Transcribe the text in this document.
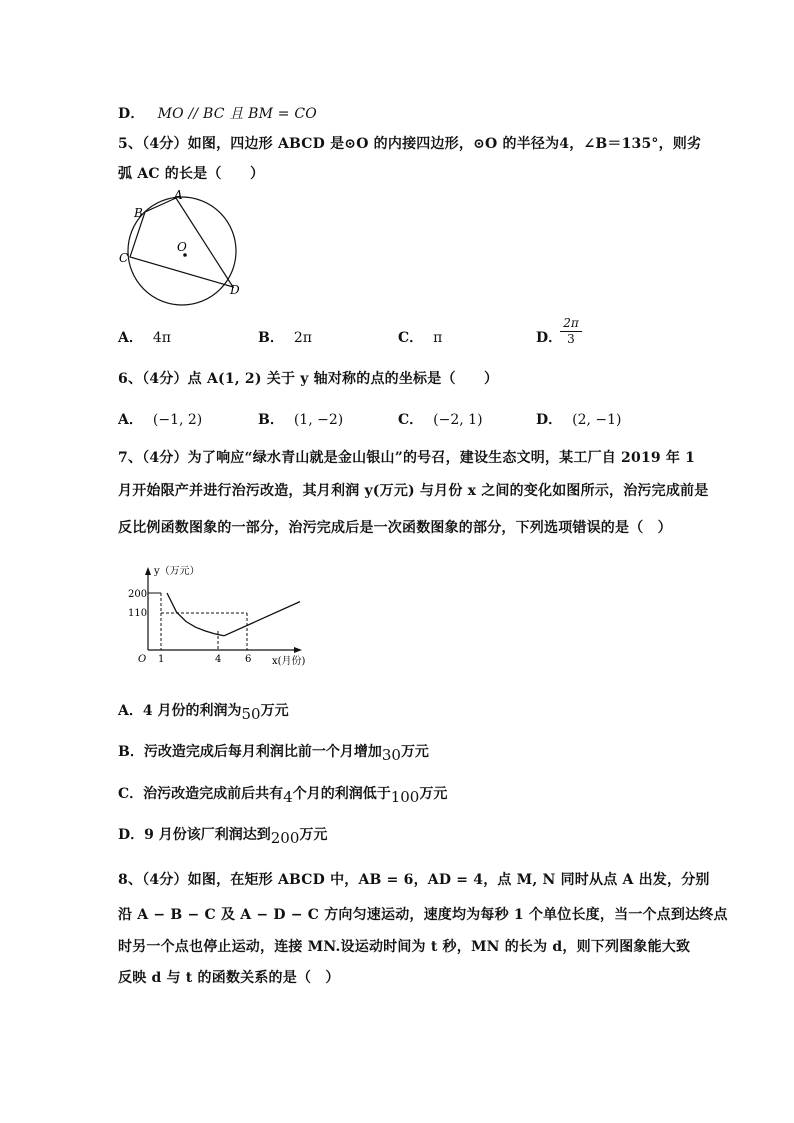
D． MO // BC 且 BM = CO
5、（4分）如图，四边形 ABCD 是⊙O 的内接四边形，⊙O 的半径为4，∠B＝135°，则劣
弧 AC 的长是（　　）
A
B
C
D
O
A． 4π	B． 2π	C． π	D．
2π
3
6、（4分）点 A(1, 2) 关于 y 轴对称的点的坐标是（　　）
A． (−1, 2)	B． (1, −2)	C． (−2, 1)	D． (2, −1)
7、（4分）为了响应“绿水青山就是金山银山”的号召，建设生态文明，某工厂自 2019 年 1
月开始限产并进行治污改造，其月利润 y(万元) 与月份 x 之间的变化如图所示，治污完成前是
反比例函数图象的一部分，治污完成后是一次函数图象的部分，下列选项错误的是（　）
y（万元）
x(月份)
O
200
110
1	4 6
A．4 月份的利润为50万元
B．污改造完成后每月利润比前一个月增加30万元
C．治污改造完成前后共有4个月的利润低于100万元
D．9 月份该厂利润达到200万元
8、（4分）如图，在矩形 ABCD 中，AB = 6，AD = 4，点 M, N 同时从点 A 出发，分别
沿 A − B − C 及 A − D − C 方向匀速运动，速度均为每秒 1 个单位长度，当一个点到达终点
时另一个点也停止运动，连接 MN.设运动时间为 t 秒，MN 的长为 d，则下列图象能大致
反映 d 与 t 的函数关系的是（　）
